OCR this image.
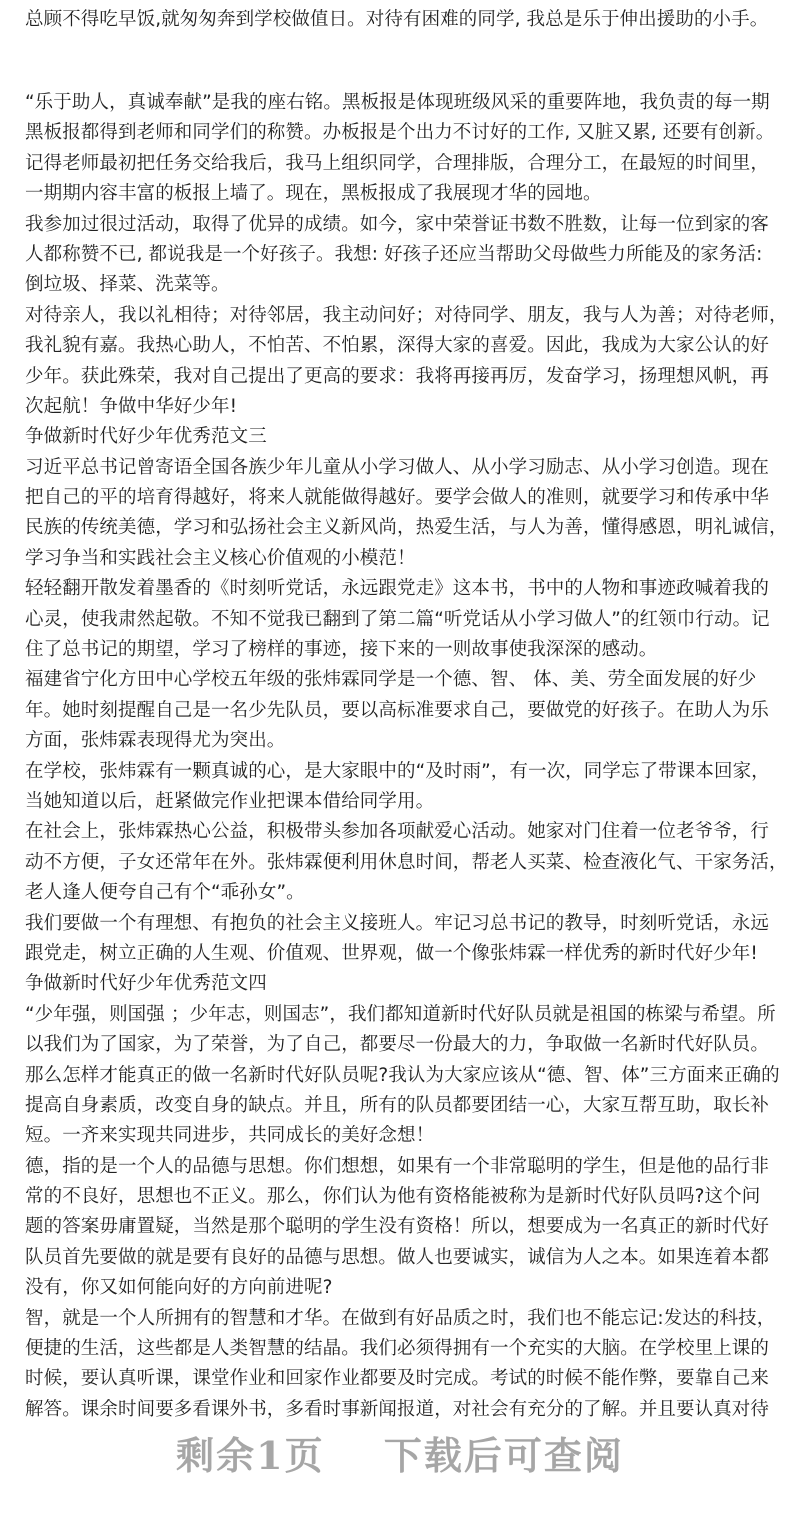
总顾不得吃早饭,就匆匆奔到学校做值日。对待有困难的同学, 我总是乐于伸出援助的小手。
“乐于助人，真诚奉献”是我的座右铭。黑板报是体现班级风采的重要阵地，我负责的每一期
黑板报都得到老师和同学们的称赞。办板报是个出力不讨好的工作, 又脏又累, 还要有创新。
记得老师最初把任务交给我后，我马上组织同学，合理排版，合理分工，在最短的时间里，
一期期内容丰富的板报上墙了。现在，黑板报成了我展现才华的园地。
我参加过很过活动，取得了优异的成绩。如今，家中荣誉证书数不胜数，让每一位到家的客
人都称赞不已, 都说我是一个好孩子。我想: 好孩子还应当帮助父母做些力所能及的家务活:
倒垃圾、择菜、洗菜等。
对待亲人，我以礼相待；对待邻居，我主动问好；对待同学、朋友，我与人为善；对待老师，
我礼貌有嘉。我热心助人，不怕苦、不怕累，深得大家的喜爱。因此，我成为大家公认的好
少年。获此殊荣，我对自己提出了更高的要求：我将再接再厉，发奋学习，扬理想风帆，再
次起航！争做中华好少年!
争做新时代好少年优秀范文三
习近平总书记曾寄语全国各族少年儿童从小学习做人、从小学习励志、从小学习创造。现在
把自己的平的培育得越好，将来人就能做得越好。要学会做人的准则，就要学习和传承中华
民族的传统美德，学习和弘扬社会主义新风尚，热爱生活，与人为善，懂得感恩，明礼诚信，
学习争当和实践社会主义核心价值观的小模范！
轻轻翻开散发着墨香的《时刻听党话，永远跟党走》这本书，书中的人物和事迹政喊着我的
心灵，使我肃然起敬。不知不觉我已翻到了第二篇“听党话从小学习做人”的红领巾行动。记
住了总书记的期望，学习了榜样的事迹，接下来的一则故事使我深深的感动。
福建省宁化方田中心学校五年级的张炜霖同学是一个德、智、 体、美、劳全面发展的好少
年。她时刻提醒自己是一名少先队员，要以高标准要求自己，要做党的好孩子。在助人为乐
方面，张炜霖表现得尤为突出。
在学校，张炜霖有一颗真诚的心，是大家眼中的“及时雨”，有一次，同学忘了带课本回家，
当她知道以后，赶紧做完作业把课本借给同学用。
在社会上，张炜霖热心公益，积极带头参加各项献爱心活动。她家对门住着一位老爷爷，行
动不方便，子女还常年在外。张炜霖便利用休息时间，帮老人买菜、检查液化气、干家务活，
老人逢人便夸自己有个“乖孙女”。
我们要做一个有理想、有抱负的社会主义接班人。牢记习总书记的教导，时刻听党话，永远
跟党走，树立正确的人生观、价值观、世界观，做一个像张炜霖一样优秀的新时代好少年!
争做新时代好少年优秀范文四
“少年强，则国强 ；少年志，则国志”，我们都知道新时代好队员就是祖国的栋梁与希望。所
以我们为了国家，为了荣誉，为了自己，都要尽一份最大的力，争取做一名新时代好队员。
那么怎样才能真正的做一名新时代好队员呢?我认为大家应该从“德、智、体”三方面来正确的
提高自身素质，改变自身的缺点。并且，所有的队员都要团结一心，大家互帮互助，取长补
短。一齐来实现共同进步，共同成长的美好念想！
德，指的是一个人的品德与思想。你们想想，如果有一个非常聪明的学生，但是他的品行非
常的不良好，思想也不正义。那么，你们认为他有资格能被称为是新时代好队员吗?这个问
题的答案毋庸置疑，当然是那个聪明的学生没有资格！所以，想要成为一名真正的新时代好
队员首先要做的就是要有良好的品德与思想。做人也要诚实，诚信为人之本。如果连着本都
没有，你又如何能向好的方向前进呢?
智，就是一个人所拥有的智慧和才华。在做到有好品质之时，我们也不能忘记:发达的科技，
便捷的生活，这些都是人类智慧的结晶。我们必须得拥有一个充实的大脑。在学校里上课的
时候，要认真听课，课堂作业和回家作业都要及时完成。考试的时候不能作弊，要靠自己来
解答。课余时间要多看课外书，多看时事新闻报道，对社会有充分的了解。并且要认真对待
剩余1页 下载后可查阅
